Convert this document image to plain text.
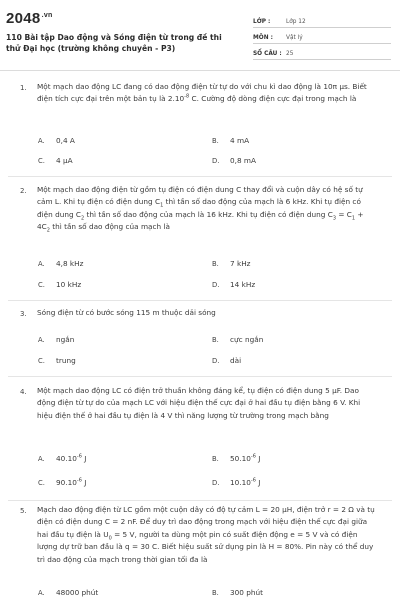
$2048^{.vn}$
110 Bài tập Dao động và Sóng điện từ trong đề thi thử Đại học (trường không chuyên - P3)
LỚP :	Lớp 12
MÔN :	Vật lý
SỐ CÂU : 25
1. Một mạch dao động LC đang có dao động điện từ tự do với chu kì dao động là 10π µs. Biết điện tích cực đại trên một bản tụ là $2.10^{-8}$ C. Cường độ dòng điện cực đại trong mạch là
A. 0,4 A	B. 4 mA
C. 4 µA	D. 0,8 mA
2. Một mạch dao động điện từ gồm tụ điện có điện dung C thay đổi và cuộn dây có hệ số tự cảm L. Khi tụ điện có điện dung $C_1$ thì tần số dao động của mạch là 6 kHz. Khi tụ điện có điện dung $C_2$ thì tần số dao động của mạch là 16 kHz. Khi tụ điện có điện dung $C_3 = C_1 + 4C_2$ thì tần số dao động của mạch là
A. 4,8 kHz	B. 7 kHz
C. 10 kHz	D. 14 kHz
3. Sóng điện từ có bước sóng 115 m thuộc dải sóng
A. ngắn	B. cực ngắn
C. trung	D. dài
4. Một mạch dao động LC có điện trở thuần không đáng kể, tụ điện có điện dung 5 µF. Dao động điện từ tự do của mạch LC với hiệu điện thế cực đại ở hai đầu tụ điện bằng 6 V. Khi hiệu điện thế ở hai đầu tụ điện là 4 V thì năng lượng từ trường trong mạch bằng
A. $40.10^{-6}$ J	B. $50.10^{-6}$ J
C. $90.10^{-6}$ J	D. $10.10^{-6}$ J
5. Mạch dao động điện từ LC gồm một cuộn dây có độ tự cảm L = 20 µH, điện trở r = 2 Ω và tụ điện có điện dung C = 2 nF. Để duy trì dao động trong mạch với hiệu điện thế cực đại giữa hai đầu tụ điện là $U_0 = 5$ V, người ta dùng một pin có suất điện động e = 5 V và có điện lượng dự trữ ban đầu là q = 30 C. Biết hiệu suất sử dụng pin là H = 80%. Pin này có thể duy trì dao động của mạch trong thời gian tối đa là
A. 48000 phút	B. 300 phút
